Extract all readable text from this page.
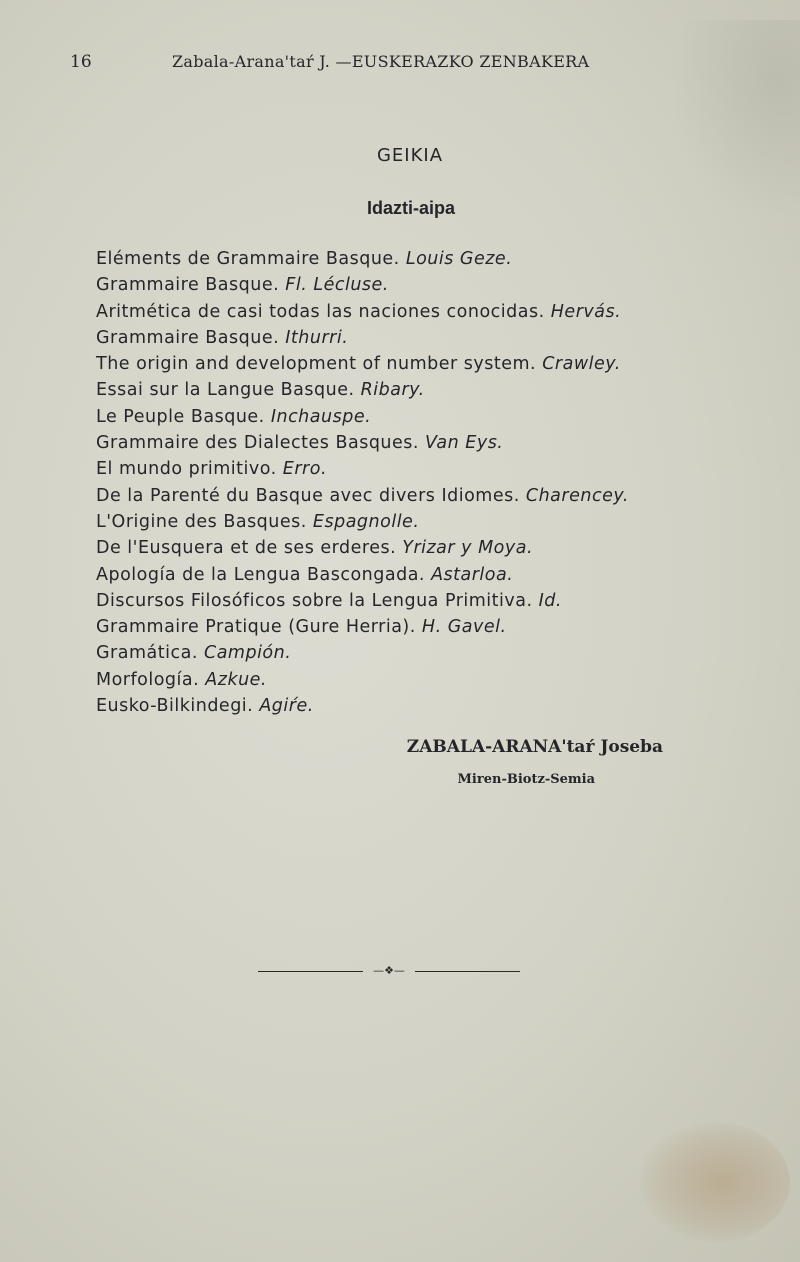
16	Zabala-Arana'taŕ J. —EUSKERAZKO ZENBAKERA
GEIKIA
Idazti-aipa
Eléments de Grammaire Basque. Louis Geze.
Grammaire Basque. Fl. Lécluse.
Aritmética de casi todas las naciones conocidas. Hervás.
Grammaire Basque. Ithurri.
The origin and development of number system. Crawley.
Essai sur la Langue Basque. Ribary.
Le Peuple Basque. Inchauspe.
Grammaire des Dialectes Basques. Van Eys.
El mundo primitivo. Erro.
De la Parenté du Basque avec divers Idiomes. Charencey.
L'Origine des Basques. Espagnolle.
De l'Eusquera et de ses erderes. Yrizar y Moya.
Apología de la Lengua Bascongada. Astarloa.
Discursos Filosóficos sobre la Lengua Primitiva. Id.
Grammaire Pratique (Gure Herria). H. Gavel.
Gramática. Campión.
Morfología. Azkue.
Eusko-Bilkindegi. Agiŕe.
ZABALA-ARANA'taŕ Joseba
Miren-Biotz-Semia
—❖—
